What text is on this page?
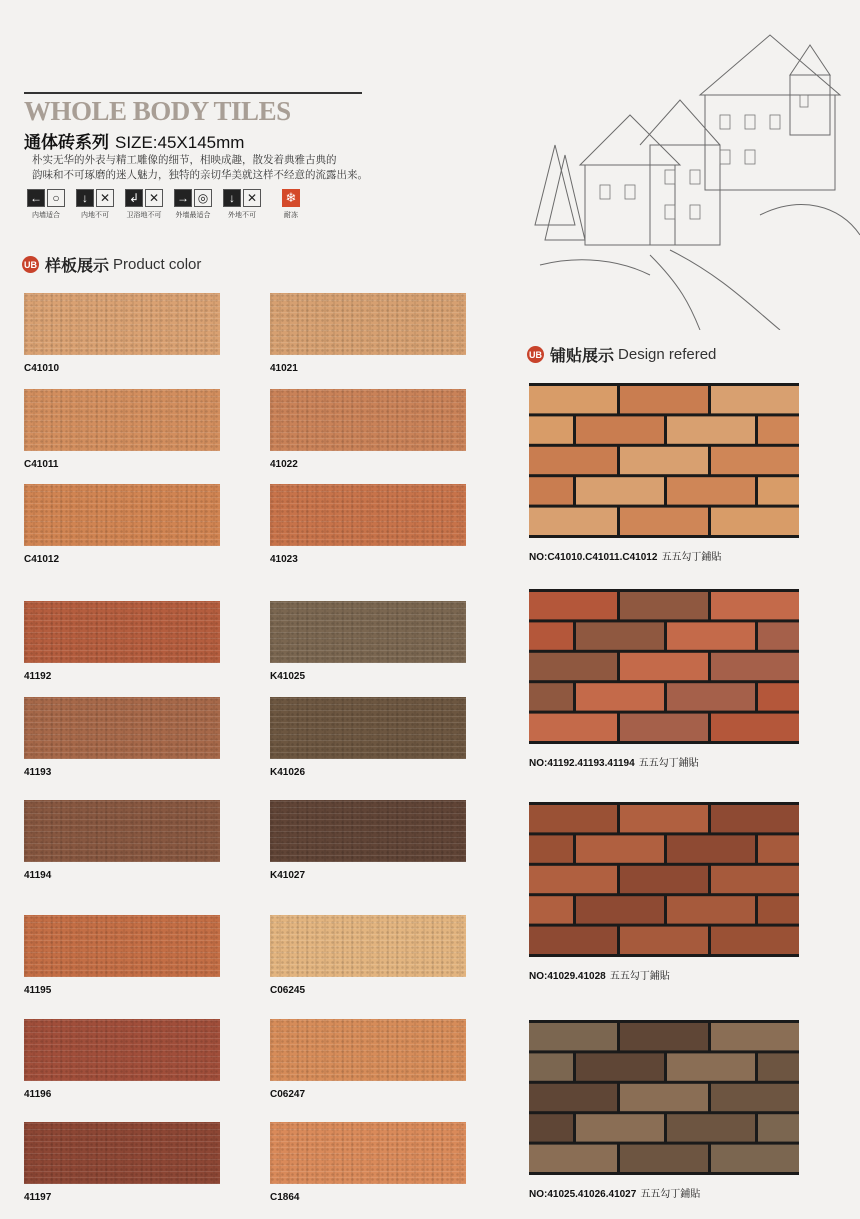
WHOLE BODY TILES
通体砖系列 SIZE:45X145mm
朴实无华的外表与精工雕像的细节，相映成趣，散发着典雅古典的
韵味和不可琢磨的迷人魅力，独特的亲切华美就这样不经意的流露出来。
← ○
内墙适合
↓ ✕
内地不可
↲ ✕
卫浴地不可
→ ◎
外墙最适合
↓ ✕
外地不可
❄
耐冻
UB 样板展示 Product color
UB 铺贴展示 Design refered
C41010	41021
C41011	41022
C41012	41023
41192	K41025
41193	K41026
41194	K41027
41195	C06245
41196	C06247
41197	C1864
NO:C41010.C41011.C41012 五五勾丁鋪貼
NO:41192.41193.41194 五五勾丁鋪貼
NO:41029.41028 五五勾丁鋪貼
NO:41025.41026.41027 五五勾丁鋪貼
